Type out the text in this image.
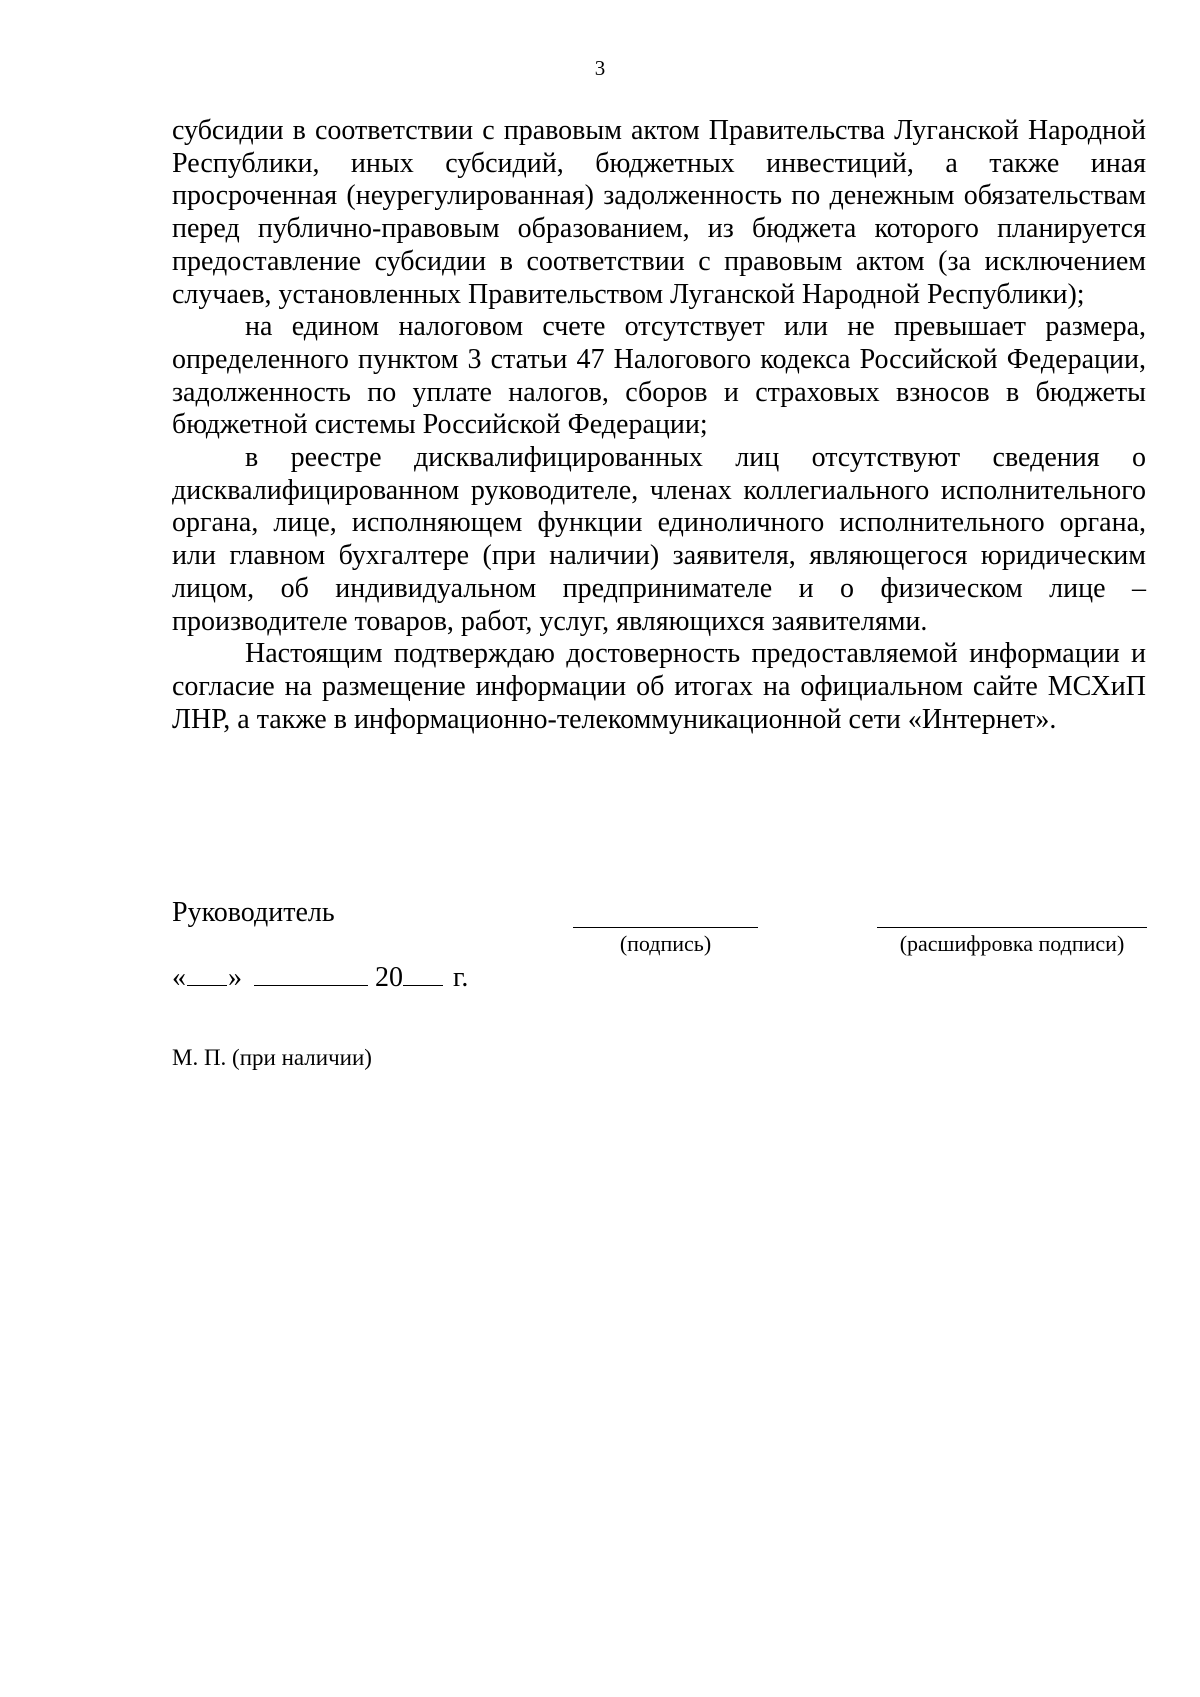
3

субсидии в соответствии с правовым актом Правительства Луганской Народной Республики, иных субсидий, бюджетных инвестиций, а также иная просроченная (неурегулированная) задолженность по денежным обязательствам перед публично-правовым образованием, из бюджета которого планируется предоставление субсидии в соответствии с правовым актом (за исключением случаев, установленных Правительством Луганской Народной Республики);

на едином налоговом счете отсутствует или не превышает размера, определенного пунктом 3 статьи 47 Налогового кодекса Российской Федерации, задолженность по уплате налогов, сборов и страховых взносов в бюджеты бюджетной системы Российской Федерации;

в реестре дисквалифицированных лиц отсутствуют сведения о дисквалифицированном руководителе, членах коллегиального исполнительного органа, лице, исполняющем функции единоличного исполнительного органа, или главном бухгалтере (при наличии) заявителя, являющегося юридическим лицом, об индивидуальном предпринимателе и о физическом лице – производителе товаров, работ, услуг, являющихся заявителями.

Настоящим подтверждаю достоверность предоставляемой информации и согласие на размещение информации об итогах на официальном сайте МСХиП ЛНР, а также в информационно-телекоммуникационной сети «Интернет».

Руководитель
(подпись)	(расшифровка подписи)
« »	20 г.
М. П. (при наличии)
